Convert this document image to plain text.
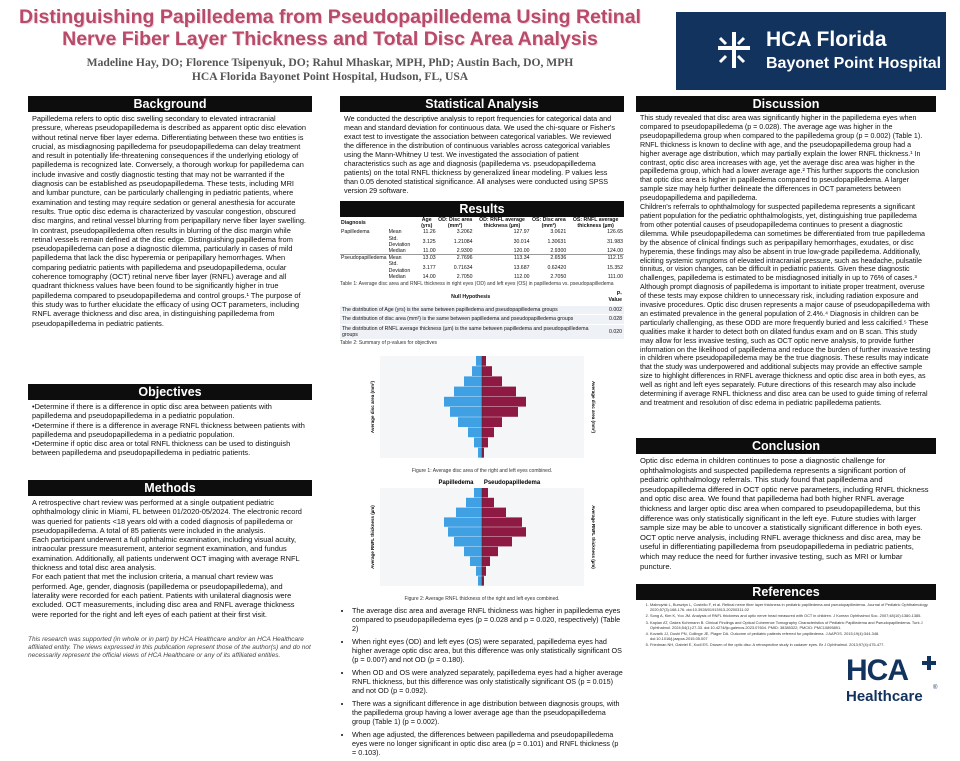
Distinguishing Papilledema from Pseudopapilledema Using Retinal Nerve Fiber Layer Thickness and Total Disc Area Analysis
Madeline Hay, DO; Florence Tsipenyuk, DO; Rahul Mhaskar, MPH, PhD; Austin Bach, DO, MPH
HCA Florida Bayonet Point Hospital, Hudson, FL, USA
HCA Florida
Bayonet Point Hospital
Background
Papilledema refers to optic disc swelling secondary to elevated intracranial pressure, whereas pseudopapilledema is described as apparent optic disc elevation without retinal nerve fiber layer edema. Differentiating between these two entities is crucial, as misdiagnosing papilledema for pseudopapilledema can delay treatment and result in potentially life-threatening consequences if the underlying etiology of papilledema is recognized late. Conversely, a thorough workup for papilledema can include invasive and costly diagnostic testing that may not be warranted if the diagnosis can be established as pseudopapilledema. These tests, including MRI and lumbar puncture, can be particularly challenging in pediatric patients, where examination and testing may require sedation or general anesthesia for accurate results. True optic disc edema is characterized by vascular congestion, obscured disc margins, and retinal vessel blurring from peripapillary nerve fiber layer swelling. In contrast, pseudopapilledema often results in blurring of the disc margin while retinal vessels remain defined at the disc edge. Distinguishing papilledema from pseudopapilledema can pose a diagnostic dilemma, particularly in cases of mild papilledema that lack the disc hyperemia or peripapillary hemorrhages. When comparing pediatric patients with papilledema and pseudopapilledema, ocular coherence tomography (OCT) retinal nerve fiber layer (RNFL) average and all quadrant thickness values have been found to be significantly higher in true papilledema compared to pseudopapilledema and control groups.¹ The purpose of this study was to further elucidate the efficacy of using OCT parameters, including RNFL average thickness and disc area, in distinguishing papilledema from pseudopapilledema in pediatric patients.
Objectives

•Determine if there is a difference in optic disc area between patients with papilledema and pseudopapilledema in a pediatric population.

•Determine if there is a difference in average RNFL thickness between patients with papilledema and pseudopapilledema in a pediatric population.

•Determine if optic disc area or total RNFL thickness can be used to distinguish between papilledema and pseudopapilledema in pediatric patients.

Methods

A retrospective chart review was performed at a single outpatient pediatric ophthalmology clinic in Miami, FL between 01/2020-05/2024. The electronic record was queried for patients <18 years old with a coded diagnosis of papilledema or pseudopapilledema. A total of 85 patients were included in the analysis.

Each participant underwent a full ophthalmic examination, including visual acuity, intraocular pressure measurement, anterior segment examination, and fundus examination. Additionally, all patients underwent OCT imaging with average RNFL thickness and total disc area analysis.

For each patient that met the inclusion criteria, a manual chart review was performed. Age, gender, diagnosis (papilledema or pseudopapilledema), and laterality were recorded for each patient. Patients with unilateral diagnosis were excluded. OCT measurements, including disc area and RNFL average thickness were reported for the right and left eyes of each patient at their first visit.

This research was supported (in whole or in part) by HCA Healthcare and/or an HCA Healthcare affiliated entity. The views expressed in this publication represent those of the author(s) and do not necessarily represent the official views of HCA Healthcare or any of its affiliated entities.
Statistical Analysis
We conducted the descriptive analysis to report frequencies for categorical data and mean and standard deviation for continuous data. We used the chi-square or Fisher's exact test to investigate the association between categorical variables. We reviewed the difference in the distribution of continuous variables across categorical variables using the Mann-Whitney U test. We investigated the association of patient characteristics such as age and diagnosis (papilledema vs. pseudopapilledema patients) on the total RNFL thickness by generalized linear modeling. P values less than 0.05 denoted statistical significance. All analyses were conducted using SPSS version 29 software.
Results
Diagnosis		Age (yrs)	OD: Disc area (mm²)	OD: RNFL average thickness (µm)	OS: Disc area (mm²)	OS: RNFL average thickness (µm)
Papilledema	Mean	11.26	3.2062	127.97	3.0621	126.65
	Std. Deviation	3.125	1.21084	30.014	1.30631	31.983
	Median	11.00	2.9300	120.00	2.9300	124.00
Pseudopapilledema	Mean	13.03	2.7696	113.34	2.6536	112.15
	Std. Deviation	3.177	0.71634	13.687	0.62420	15.352
	Median	14.00	2.7050	112.00	2.7050	111.00
Table 1: Average disc area and RNFL thickness in right eyes (OD) and left eyes (OS) in papilledema vs. pseudopapilledema
Null Hypothesis	P-Value
The distribution of Age (yrs) is the same between papilledema and pseudopapilledema groups	0.002
The distribution of disc area (mm²) is the same between papilledema and pseudopapilledema groups	0.028
The distribution of RNFL average thickness (µm) is the same between papilledema and pseudopapilledema groups	0.020
Table 2: Summary of p-values for objectives
Average disc area (mm²)	Average disc area (mm²)
Figure 1: Average disc area of the right and left eyes combined.
Average RNFL thickness (µm)	Average RNFL thickness (µm)
Papilledema Pseudopapilledema
Figure 2: Average RNFL thickness of the right and left eyes combined.
• The average disc area and average RNFL thickness was higher in papilledema eyes compared to pseudopapilledema eyes (p = 0.028 and p = 0.020, respectively) (Table 2)
• When right eyes (OD) and left eyes (OS) were separated, papilledema eyes had higher average optic disc area, but this difference was only statistically significant OS (p = 0.007) and not OD (p = 0.180).
• When OD and OS were analyzed separately, papilledema eyes had a higher average RNFL thickness, but this difference was only statistically significant OS (p = 0.015) and not OD (p = 0.092).
• There was a significant difference in age distribution between diagnosis groups, with the papilledema group having a lower average age than the pseudopapilledema group (Table 1) (p = 0.002).
• When age adjusted, the differences between papilledema and pseudopapilledema eyes were no longer significant in optic disc area (p = 0.101) and RNFL thickness (p = 0.103).
Discussion

This study revealed that disc area was significantly higher in the papilledema eyes when compared to pseudopapilledema (p = 0.028). The average age was higher in the pseudopapilledema group when compared to the papilledema group (p = 0.002) (Table 1). RNFL thickness is known to decline with age, and the pseudopapilledema group had a higher average age distribution, which may partially explain the lower RNFL thickness.¹ In contrast, optic disc area increases with age, yet the average disc area was higher in the papilledema group, which had a lower average age.² This further supports the conclusion that optic disc area is higher in papilledema compared to pseudopapilledema. A larger sample size may help further delineate the differences in OCT parameters between pseudopapilledema and papilledema.

Children's referrals to ophthalmology for suspected papilledema represents a significant patient population for the pediatric ophthalmologists, yet, distinguishing true papilledema from other potential causes of pseudopapilledema continues to present a diagnostic dilemma. While pseudopapilledema can sometimes be differentiated from true papilledema by the absence of clinical findings such as peripapillary hemorrhages, exudates, or disc hyperemia, these findings may also be absent in true low-grade papilledema. Additionally, eliciting systemic symptoms of elevated intracranial pressure, such as headache, pulsatile tinnitus, or vision changes, can be difficult in pediatric patients. Given these diagnostic challenges, papilledema is estimated to be misdiagnosed initially in up to 76% of cases.³ Although prompt diagnosis of papilledema is important to initiate proper treatment, overuse of these tests may expose children to unnecessary risk, including radiation exposure and invasive procedures. Optic disc drusen represents a major cause of pseudopapilledema with an estimated prevalence in the general population of 2.4%.⁴ Diagnosis in children can be particularly challenging, as these ODD are more frequently buried and less calcified.⁵ These qualities make it harder to detect both on dilated fundus exam and on B scan. This study may allow for less invasive testing, such as OCT optic nerve analysis, to provide further information on the likelihood of papilledema and reduce the burden of further invasive testing in children where pseudopapilledema may be the true diagnosis. These results may indicate that the study was underpowered and additional subjects may provide an effective sample size to highlight differences in RNFL average thickness and optic disc area in both eyes, as well as right and left eyes separately. Future directions of this research may also include determining if average RNFL thickness and disc area can be used to guide timing of referral and treatment and resolution of disc edema in pediatric papilledema patients.

Conclusion
Optic disc edema in children continues to pose a diagnostic challenge for ophthalmologists and suspected papilledema represents a significant portion of pediatric ophthalmology referrals. This study found that papilledema and pseudopapilledema differed in OCT optic nerve parameters, including RNFL thickness and optic disc area. We found that papilledema had both higher RNFL average thickness and larger optic disc area when compared to pseudopapilledema, but this difference was only statistically significant in the left eye. Future studies with larger sample size may be able to uncover a statistically significant difference in both eyes. OCT optic nerve analysis, including RNFL average thickness and disc area, may be useful in differentiating papilledema from pseudopapilledema in pediatric patients, which may reduce the need for further invasive testing, such as MRI or lumbar puncture.
References
1. Malmqvist L, Bursztyn L, Costello F, et al. Retinal nerve fiber layer thickness in pediatric papilledema and pseudopapilledema. Journal of Pediatric Ophthalmology. 2020;57(3):168-176. doi:10.3928/01913913-20200311-02
2. Song A, Kim K, Yoo JM. Analysis of RNFL thickness and optic nerve head measured with OCT in children. J Korean Ophthalmol Soc. 2007;48(10):1380-1385.
3. Kaplan AT, Oakes Kohrmann B. Clinical Findings and Optical Coherence Tomography Characteristics of Pediatric Papilledema and Pseudopapilledema. Turk J Ophthalmol. 2024;54(1):27-33. doi:10.4274/tjo.galenos.2023.07604. PMID: 38385322; PMCID: PMC10895891.
4. Kovarik JJ, Doshi PN, Collinge JE, Plager DA. Outcome of pediatric patients referred for papilledema. J AAPOS. 2015;19(4):344-348. doi:10.1016/j.jaapos.2015.05.007
5. Friedman NH, Gabriel E, Kodl ES. Drusen of the optic disc: A retrospective study in cadaver eyes. Br J Ophthalmol. 2013;97(4):475-477.
HCA
Healthcare ®
